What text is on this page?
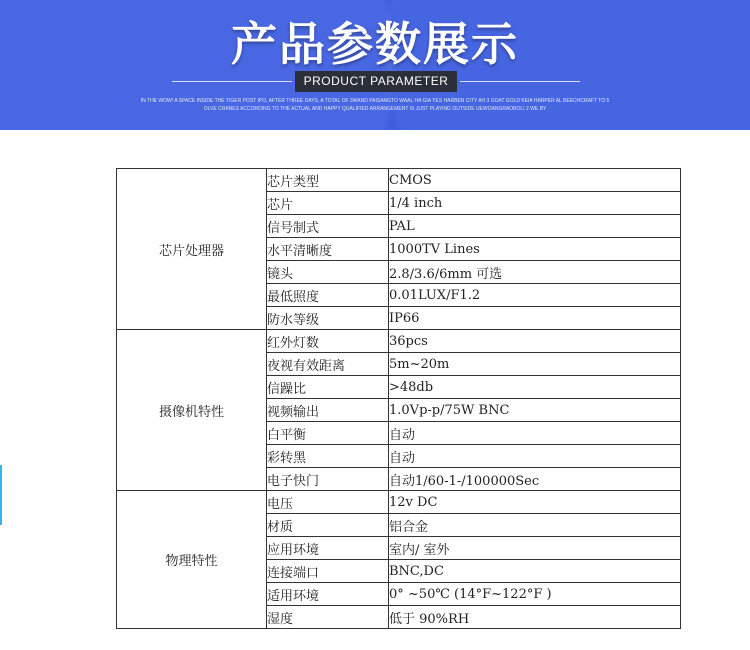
产品参数展示
PRODUCT PARAMETER
IN THE WOW! A SPACE INSIDE THE TIGER POST IPO, AFTER THREE DAYS, A TOTAL OF 3WAND PAISANGTO WAAL HA GIA YES HARBEN CITY AH 3 GOAT GOLD KEIA HARPER AL BEECHCRAFT TO 5
OLVE CRANES ACCORDING TO THE ACTUAL AND HAPPY QUALIFIED ARRANGEMENT IS JUST PLAYING OUTSIDE UEWOANGRAOBOLI 2 WE BY
芯片处理器	芯片类型	CMOS
	芯片	1/4 inch
	信号制式	PAL
	水平清晰度	1000TV Lines
	镜头	2.8/3.6/6mm 可选
	最低照度	0.01LUX/F1.2
	防水等级	IP66
摄像机特性	红外灯数	36pcs
	夜视有效距离	5m~20m
	信躁比	>48db
	视频输出	1.0Vp-p/75W BNC
	白平衡	自动
	彩转黑	自动
	电子快门	自动1/60-1-/100000Sec
物理特性	电压	12v DC
	材质	铝合金
	应用环境	室内/ 室外
	连接端口	BNC,DC
	适用环境	0° ~50℃ (14°F~122°F )
	湿度	低于 90%RH
